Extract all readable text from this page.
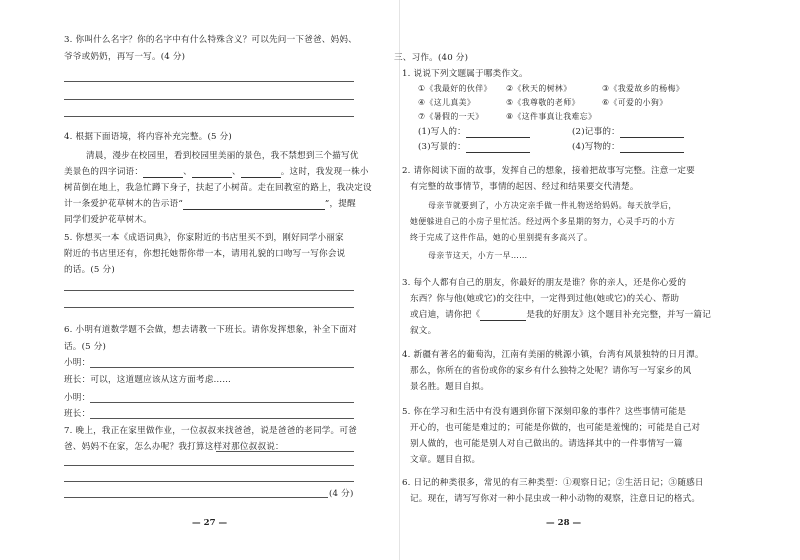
3. 你叫什么名字？你的名字中有什么特殊含义？可以先问一下爸爸、妈妈、
爷爷或奶奶，再写一写。(4 分)
4. 根据下面语境，将内容补充完整。(5 分)
清晨，漫步在校园里，看到校园里美丽的景色，我不禁想到三个描写优
美景色的四字词语：	、	、	。这时，我发现一株小
树苗倒在地上，我急忙蹲下身子，扶起了小树苗。走在回教室的路上，我决定设
计一条爱护花草树木的告示语“	”，提醒
同学们爱护花草树木。
5. 你想买一本《成语词典》，你家附近的书店里买不到，刚好同学小丽家
附近的书店里还有，你想托她帮你带一本，请用礼貌的口吻写一写你会说
的话。(5 分)
6. 小明有道数学题不会做，想去请教一下班长。请你发挥想象，补全下面对
话。(5 分)
小明：
班长：可以，这道题应该从这方面考虑……
小明：
班长：
7. 晚上，我正在家里做作业，一位叔叔来找爸爸，说是爸爸的老同学。可爸
爸、妈妈不在家，怎么办呢？我打算这样对那位叔叔说：
(4 分)
— 27 —
三、习作。(40 分)
1. 说说下列文题属于哪类作文。
①《我最好的伙伴》 ②《秋天的树林》	③《我爱故乡的杨梅》
④《这儿真美》	⑤《我尊敬的老师》	⑥《可爱的小狗》
⑦《暑假的一天》	⑧《这件事真让我难忘》
(1)写人的：	(2)记事的：
(3)写景的：	(4)写物的：
2. 请你阅读下面的故事，发挥自己的想象，接着把故事写完整。注意一定要
有完整的故事情节，事情的起因、经过和结果要交代清楚。
母亲节就要到了，小方决定亲手做一件礼物送给妈妈。每天放学后，
她便躲进自己的小房子里忙活。经过两个多星期的努力，心灵手巧的小方
终于完成了这件作品，她的心里别提有多高兴了。
母亲节这天，小方一早……
3. 每个人都有自己的朋友，你最好的朋友是谁？你的亲人，还是你心爱的
东西？你与他(她或它)的交往中，一定得到过他(她或它)的关心、帮助
或启迪，请你把《	是我的好朋友》这个题目补充完整，并写一篇记
叙文。
4. 新疆有著名的葡萄沟，江南有美丽的桃源小镇，台湾有风景独特的日月潭。
那么，你所在的省份或你的家乡有什么独特之处呢？请你写一写家乡的风
景名胜。题目自拟。
5. 你在学习和生活中有没有遇到你留下深刻印象的事件？这些事情可能是
开心的，也可能是难过的；可能是你做的，也可能是羞愧的；可能是自己对
别人做的，也可能是别人对自己做出的。请选择其中的一件事情写一篇
文章。题目自拟。
6. 日记的种类很多，常见的有三种类型：①观察日记；②生活日记；③随感日
记。现在，请写写你对一种小昆虫或一种小动物的观察，注意日记的格式。
— 28 —
